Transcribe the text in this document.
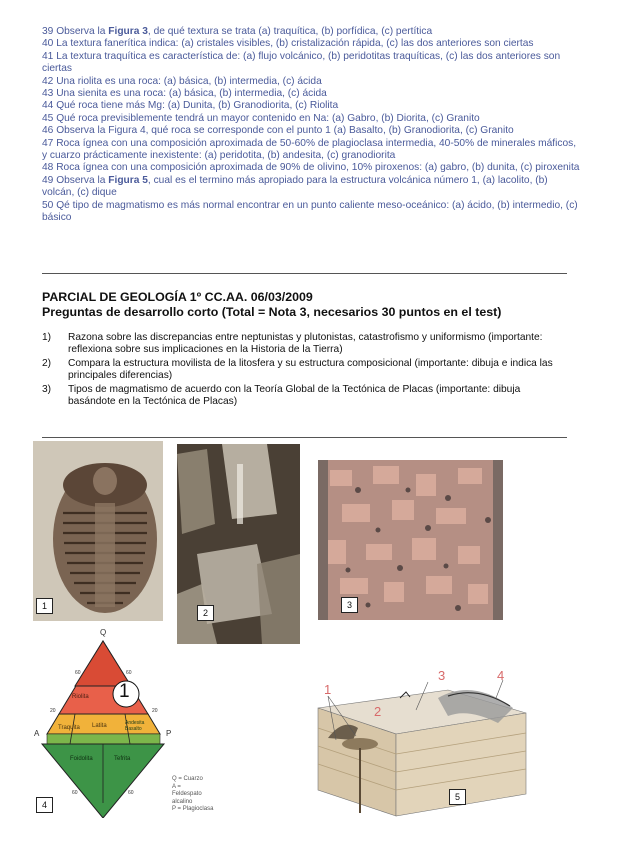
39 Observa la Figura 3, de qué textura se trata (a) traquítica, (b) porfídica, (c) pertítica
40 La textura fanerítica indica: (a) cristales visibles, (b) cristalización rápida, (c) las dos anteriores son ciertas
41 La textura traquítica es característica de: (a) flujo volcánico, (b) peridotitas traquíticas, (c) las dos anteriores son ciertas
42 Una riolita es una roca: (a) básica, (b) intermedia, (c) ácida
43 Una sienita es una roca: (a) básica, (b) intermedia, (c) ácida
44 Qué roca tiene más Mg: (a) Dunita, (b) Granodiorita, (c) Riolita
45 Qué roca previsiblemente tendrá un mayor contenido en Na: (a) Gabro, (b) Diorita, (c) Granito
46 Observa la Figura 4, qué roca se corresponde con el punto 1 (a) Basalto, (b) Granodiorita, (c) Granito
47 Roca ígnea con una composición aproximada de 50-60% de plagioclasa intermedia, 40-50% de minerales máficos, y cuarzo prácticamente inexistente: (a) peridotita, (b) andesita, (c) granodiorita
48 Roca ígnea con una composición aproximada de 90% de olivino, 10% piroxenos: (a) gabro, (b) dunita, (c) piroxenita
49 Observa la Figura 5, cual es el termino más apropiado para la estructura volcánica número 1, (a) lacolito, (b) volcán, (c) dique
50 Qé tipo de magmatismo es más normal encontrar en un punto caliente meso-oceánico: (a) ácido, (b) intermedio, (c) básico
PARCIAL DE GEOLOGÍA 1º CC.AA. 06/03/2009
Preguntas de desarrollo corto (Total = Nota 3, necesarios 30 puntos en el test)
1)	Razona sobre las discrepancias entre neptunistas y plutonistas, catastrofismo y uniformismo (importante: reflexiona sobre sus implicaciones en la Historia de la Tierra)
2)	Compara la estructura movilista de la litosfera y su estructura composicional (importante: dibuja e indica las principales diferencias)
3)	Tipos de magmatismo de acuerdo con la Teoría Global de la Tectónica de Placas (importante: dibuja basándote en la Tectónica de Placas)
1
2
3
Q
A	P
1
Riolita
Traquita Latita	Andesita Basalto
Foidolita	Tefrita
60	60
20	20
60	60
4
Q = Cuarzo
A = Feldespato alcalino
P = Plagioclasa
1
2
3	4
5
